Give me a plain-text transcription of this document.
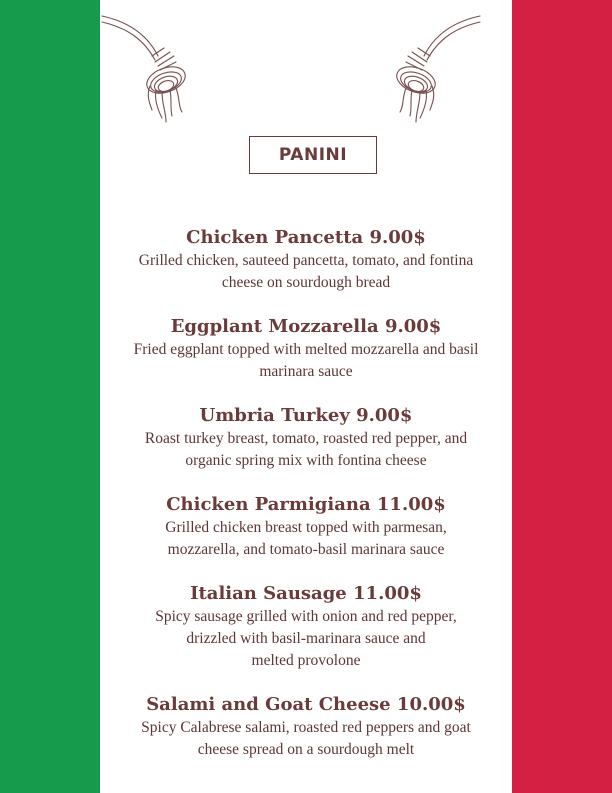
PANINI
Chicken Pancetta 9.00$
Grilled chicken, sauteed pancetta, tomato, and fontina
cheese on sourdough bread
Eggplant Mozzarella 9.00$
Fried eggplant topped with melted mozzarella and basil
marinara sauce
Umbria Turkey 9.00$
Roast turkey breast, tomato, roasted red pepper, and
organic spring mix with fontina cheese
Chicken Parmigiana 11.00$
Grilled chicken breast topped with parmesan,
mozzarella, and tomato-basil marinara sauce
Italian Sausage 11.00$
Spicy sausage grilled with onion and red pepper,
drizzled with basil-marinara sauce and
melted provolone
Salami and Goat Cheese 10.00$
Spicy Calabrese salami, roasted red peppers and goat
cheese spread on a sourdough melt
